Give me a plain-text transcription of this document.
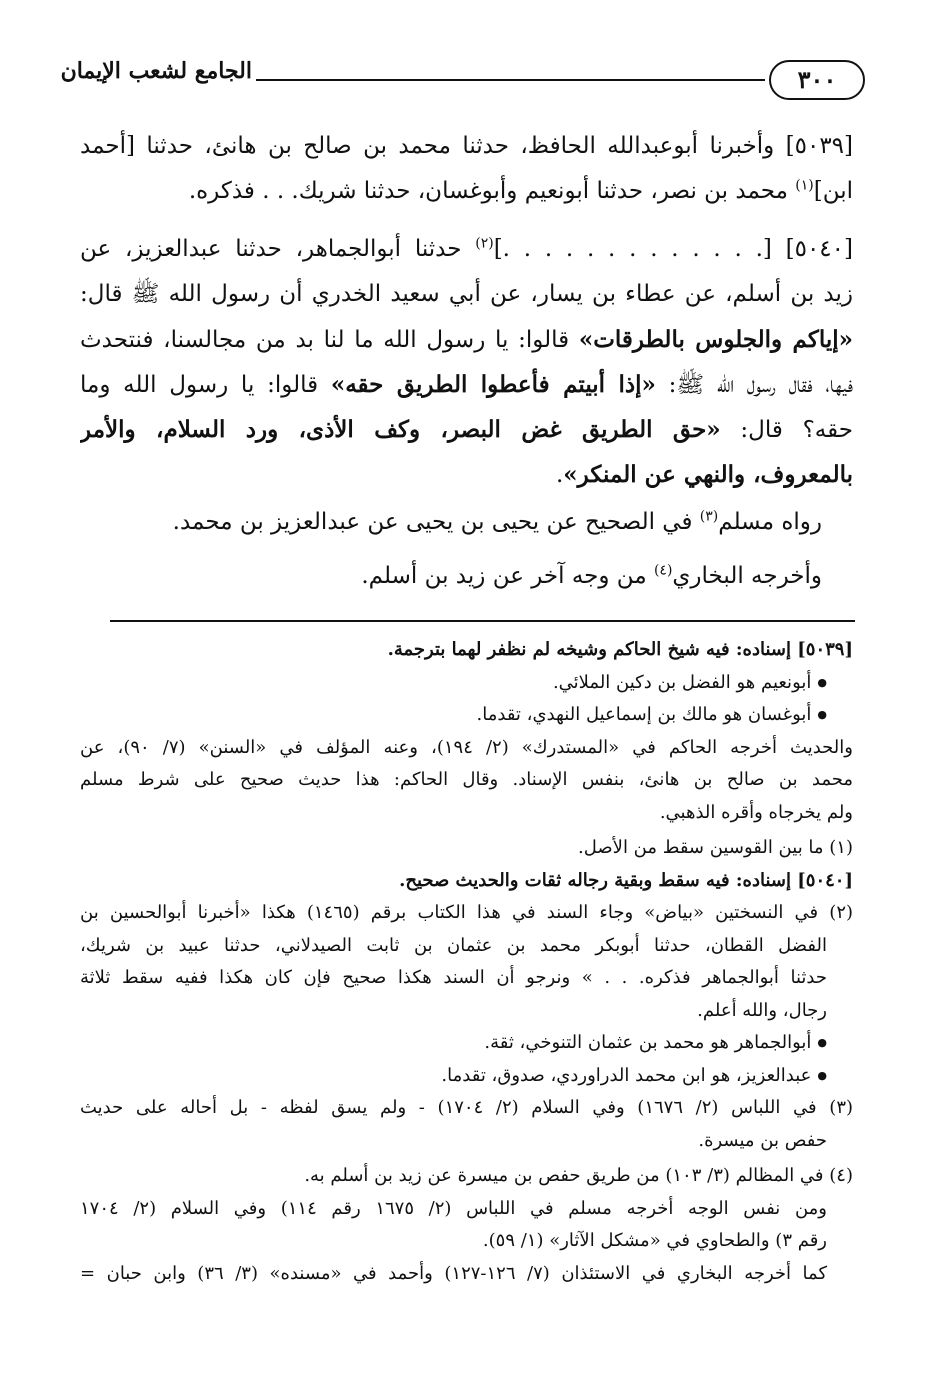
٣٠٠
الجامع لشعب الإيمان
[٥٠٣٩] وأخبرنا أبوعبدالله الحافظ، حدثنا محمد بن صالح بن هانئ، حدثنا [أحمد
ابن]$^{(١)}$ محمد بن نصر، حدثنا أبونعيم وأبوغسان، حدثنا شريك. . . فذكره.
[٥٠٤٠] [. . . . . . . . . . . . .]$^{(٢)}$ حدثنا أبوالجماهر، حدثنا عبدالعزيز، عن
زيد بن أسلم، عن عطاء بن يسار، عن أبي سعيد الخدري أن رسول الله ﷺ قال:
«إياكم والجلوس بالطرقات» قالوا: يا رسول الله ما لنا بد من مجالسنا، فنتحدث
فيها، فقال رسول الله ﷺ: «إذا أبيتم فأعطوا الطريق حقه» قالوا: يا رسول الله وما
حقه؟ قال: «حق الطريق غض البصر، وكف الأذى، ورد السلام، والأمر
بالمعروف، والنهي عن المنكر».
رواه مسلم$^{(٣)}$ في الصحيح عن يحيى بن يحيى عن عبدالعزيز بن محمد.
وأخرجه البخاري$^{(٤)}$ من وجه آخر عن زيد بن أسلم.
[٥٠٣٩] إسناده: فيه شيخ الحاكم وشيخه لم نظفر لهما بترجمة.
● أبونعيم هو الفضل بن دكين الملائي.
● أبوغسان هو مالك بن إسماعيل النهدي، تقدما.
والحديث أخرجه الحاكم في «المستدرك» (٢/ ١٩٤)، وعنه المؤلف في «السنن» (٧/ ٩٠)، عن
محمد بن صالح بن هانئ، بنفس الإسناد. وقال الحاكم: هذا حديث صحيح على شرط مسلم
ولم يخرجاه وأقره الذهبي.
(١) ما بين القوسين سقط من الأصل.
[٥٠٤٠] إسناده: فيه سقط وبقية رجاله ثقات والحديث صحيح.
(٢) في النسختين «بياض» وجاء السند في هذا الكتاب برقم (١٤٦٥) هكذا «أخبرنا أبوالحسين بن
الفضل القطان، حدثنا أبوبكر محمد بن عثمان بن ثابت الصيدلاني، حدثنا عبيد بن شريك،
حدثنا أبوالجماهر فذكره. . . » ونرجو أن السند هكذا صحيح فإن كان هكذا ففيه سقط ثلاثة
رجال، والله أعلم.
● أبوالجماهر هو محمد بن عثمان التنوخي، ثقة.
● عبدالعزيز، هو ابن محمد الدراوردي، صدوق، تقدما.
(٣) في اللباس (٢/ ١٦٧٦) وفي السلام (٢/ ١٧٠٤) - ولم يسق لفظه - بل أحاله على حديث
حفص بن ميسرة.
(٤) في المظالم (٣/ ١٠٣) من طريق حفص بن ميسرة عن زيد بن أسلم به.
ومن نفس الوجه أخرجه مسلم في اللباس (٢/ ١٦٧٥ رقم ١١٤) وفي السلام (٢/ ١٧٠٤
رقم ٣) والطحاوي في «مشكل الآثار» (١/ ٥٩).
كما أخرجه البخاري في الاستئذان (٧/ ١٢٦-١٢٧) وأحمد في «مسنده» (٣/ ٣٦) وابن حبان =
